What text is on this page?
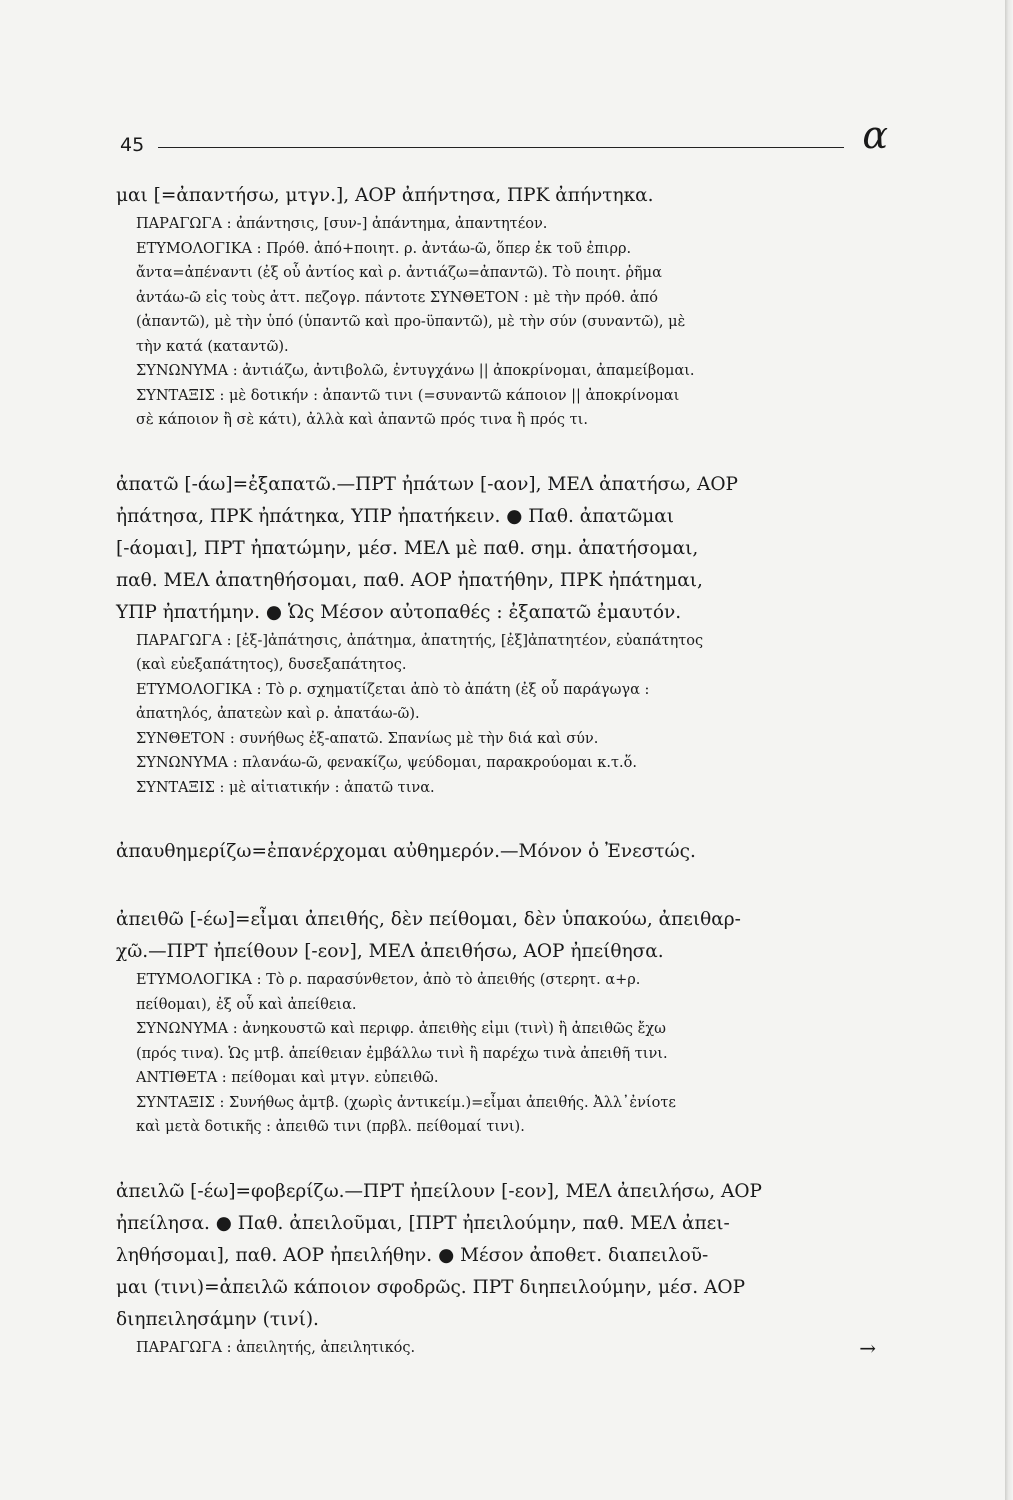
45	α
μαι [=ἀπαντήσω, μτγν.], ΑΟΡ ἀπήντησα, ΠΡΚ ἀπήντηκα.
ΠΑΡΑΓΩΓΑ : ἀπάντησις, [συν-] ἀπάντημα, ἀπαντητέον.
ΕΤΥΜΟΛΟΓΙΚΑ : Πρόθ. ἀπό+ποιητ. ρ. ἀντάω-ῶ, ὅπερ ἐκ τοῦ ἐπιρρ.
ἄντα=ἀπέναντι (ἐξ οὗ ἀντίος καὶ ρ. ἀντιάζω=ἀπαντῶ). Τὸ ποιητ. ῥῆμα
ἀντάω-ῶ εἰς τοὺς ἀττ. πεζογρ. πάντοτε ΣΥΝΘΕΤΟΝ : μὲ τὴν πρόθ. ἀπό
(ἀπαντῶ), μὲ τὴν ὑπό (ὑπαντῶ καὶ προ-ϋπαντῶ), μὲ τὴν σύν (συναντῶ), μὲ
τὴν κατά (καταντῶ).
ΣΥΝΩΝΥΜΑ : ἀντιάζω, ἀντιβολῶ, ἐντυγχάνω || ἀποκρίνομαι, ἀπαμείβομαι.
ΣΥΝΤΑΞΙΣ : μὲ δοτικήν : ἀπαντῶ τινι (=συναντῶ κάποιον || ἀποκρίνομαι
σὲ κάποιον ἢ σὲ κάτι), ἀλλὰ καὶ ἀπαντῶ πρός τινα ἢ πρός τι.
ἀπατῶ [-άω]=ἐξαπατῶ.—ΠΡΤ ἠπάτων [-αον], ΜΕΛ ἀπατήσω, ΑΟΡ
ἠπάτησα, ΠΡΚ ἠπάτηκα, ΥΠΡ ἠπατήκειν. ● Παθ. ἀπατῶμαι
[-άομαι], ΠΡΤ ἠπατώμην, μέσ. ΜΕΛ μὲ παθ. σημ. ἀπατήσομαι,
παθ. ΜΕΛ ἀπατηθήσομαι, παθ. ΑΟΡ ἠπατήθην, ΠΡΚ ἠπάτημαι,
ΥΠΡ ἠπατήμην. ● Ὡς Μέσον αὐτοπαθές : ἐξαπατῶ ἐμαυτόν.
ΠΑΡΑΓΩΓΑ : [ἐξ-]ἀπάτησις, ἀπάτημα, ἀπατητής, [ἐξ]ἀπατητέον, εὐαπάτητος
(καὶ εὐεξαπάτητος), δυσεξαπάτητος.
ΕΤΥΜΟΛΟΓΙΚΑ : Τὸ ρ. σχηματίζεται ἀπὸ τὸ ἀπάτη (ἐξ οὗ παράγωγα :
ἀπατηλός, ἀπατεὼν καὶ ρ. ἀπατάω-ῶ).
ΣΥΝΘΕΤΟΝ : συνήθως ἐξ-απατῶ. Σπανίως μὲ τὴν διά καὶ σύν.
ΣΥΝΩΝΥΜΑ : πλανάω-ῶ, φενακίζω, ψεύδομαι, παρακρούομαι κ.τ.ὅ.
ΣΥΝΤΑΞΙΣ : μὲ αἰτιατικήν : ἀπατῶ τινα.
ἀπαυθημερίζω=ἐπανέρχομαι αὐθημερόν.—Μόνον ὁ Ἐνεστώς.
ἀπειθῶ [-έω]=εἶμαι ἀπειθής, δὲν πείθομαι, δὲν ὑπακούω, ἀπειθαρ-
χῶ.—ΠΡΤ ἠπείθουν [-εον], ΜΕΛ ἀπειθήσω, ΑΟΡ ἠπείθησα.
ΕΤΥΜΟΛΟΓΙΚΑ : Τὸ ρ. παρασύνθετον, ἀπὸ τὸ ἀπειθής (στερητ. α+ρ.
πείθομαι), ἐξ οὗ καὶ ἀπείθεια.
ΣΥΝΩΝΥΜΑ : ἀνηκουστῶ καὶ περιφρ. ἀπειθὴς εἰμι (τινὶ) ἢ ἀπειθῶς ἔχω
(πρός τινα). Ὡς μτβ. ἀπείθειαν ἐμβάλλω τινὶ ἢ παρέχω τινὰ ἀπειθῆ τινι.
ΑΝΤΙΘΕΤΑ : πείθομαι καὶ μτγν. εὐπειθῶ.
ΣΥΝΤΑΞΙΣ : Συνήθως ἀμτβ. (χωρὶς ἀντικείμ.)=εἶμαι ἀπειθής. Ἀλλ᾽ἐνίοτε
καὶ μετὰ δοτικῆς : ἀπειθῶ τινι (πρβλ. πείθομαί τινι).
ἀπειλῶ [-έω]=φοβερίζω.—ΠΡΤ ἠπείλουν [-εον], ΜΕΛ ἀπειλήσω, ΑΟΡ
ἠπείλησα. ● Παθ. ἀπειλοῦμαι, [ΠΡΤ ἠπειλούμην, παθ. ΜΕΛ ἀπει-
ληθήσομαι], παθ. ΑΟΡ ἠπειλήθην. ● Μέσον ἀποθετ. διαπειλοῦ-
μαι (τινι)=ἀπειλῶ κάποιον σφοδρῶς. ΠΡΤ διηπειλούμην, μέσ. ΑΟΡ
διηπειλησάμην (τινί).
ΠΑΡΑΓΩΓΑ : ἀπειλητής, ἀπειλητικός.	→
